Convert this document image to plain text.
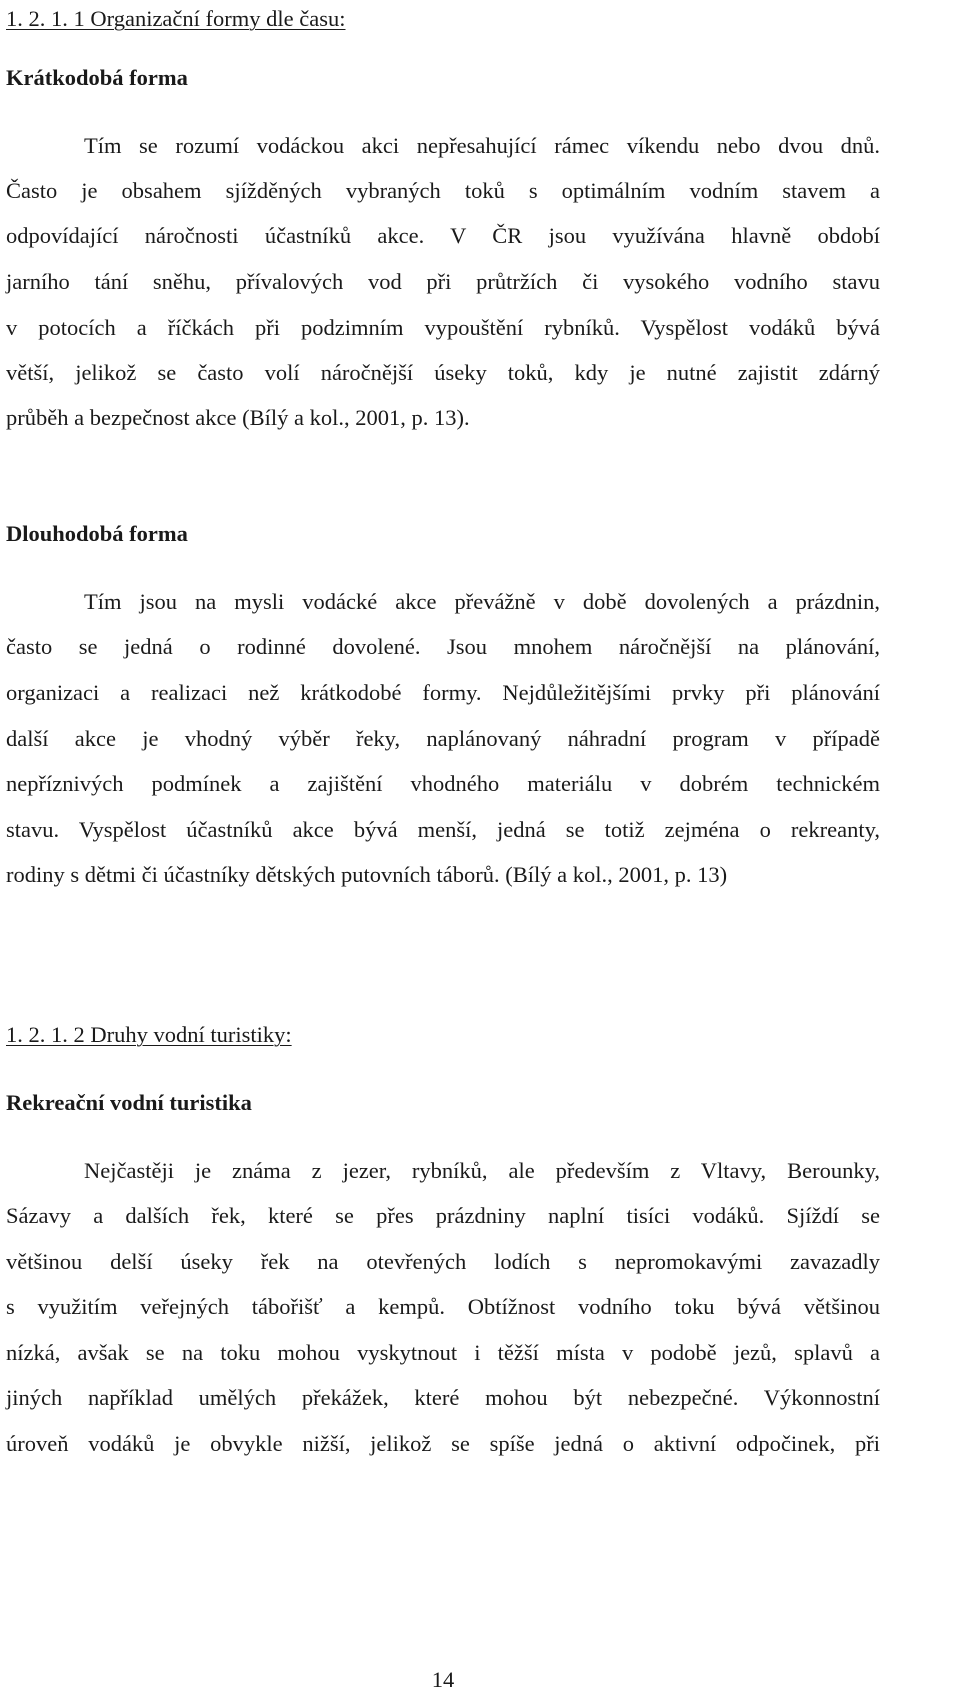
1. 2. 1. 1 Organizační formy dle času:
Krátkodobá forma
Tím se rozumí vodáckou akci nepřesahující rámec víkendu nebo dvou dnů.
Často je obsahem sjížděných vybraných toků s optimálním vodním stavem a
odpovídající náročnosti účastníků akce. V ČR jsou využívána hlavně období
jarního tání sněhu, přívalových vod při průtržích či vysokého vodního stavu
v potocích a říčkách při podzimním vypouštění rybníků. Vyspělost vodáků bývá
větší, jelikož se často volí náročnější úseky toků, kdy je nutné zajistit zdárný
průběh a bezpečnost akce (Bílý a kol., 2001, p. 13).
Dlouhodobá forma
Tím jsou na mysli vodácké akce převážně v době dovolených a prázdnin,
často se jedná o rodinné dovolené. Jsou mnohem náročnější na plánování,
organizaci a realizaci než krátkodobé formy. Nejdůležitějšími prvky při plánování
další akce je vhodný výběr řeky, naplánovaný náhradní program v případě
nepříznivých podmínek a zajištění vhodného materiálu v dobrém technickém
stavu. Vyspělost účastníků akce bývá menší, jedná se totiž zejména o rekreanty,
rodiny s dětmi či účastníky dětských putovních táborů. (Bílý a kol., 2001, p. 13)
1. 2. 1. 2 Druhy vodní turistiky:
Rekreační vodní turistika
Nejčastěji je známa z jezer, rybníků, ale především z Vltavy, Berounky,
Sázavy a dalších řek, které se přes prázdniny naplní tisíci vodáků. Sjíždí se
většinou delší úseky řek na otevřených lodích s nepromokavými zavazadly
s využitím veřejných tábořišť a kempů. Obtížnost vodního toku bývá většinou
nízká, avšak se na toku mohou vyskytnout i těžší místa v podobě jezů, splavů a
jiných například umělých překážek, které mohou být nebezpečné. Výkonnostní
úroveň vodáků je obvykle nižší, jelikož se spíše jedná o aktivní odpočinek, při
14
